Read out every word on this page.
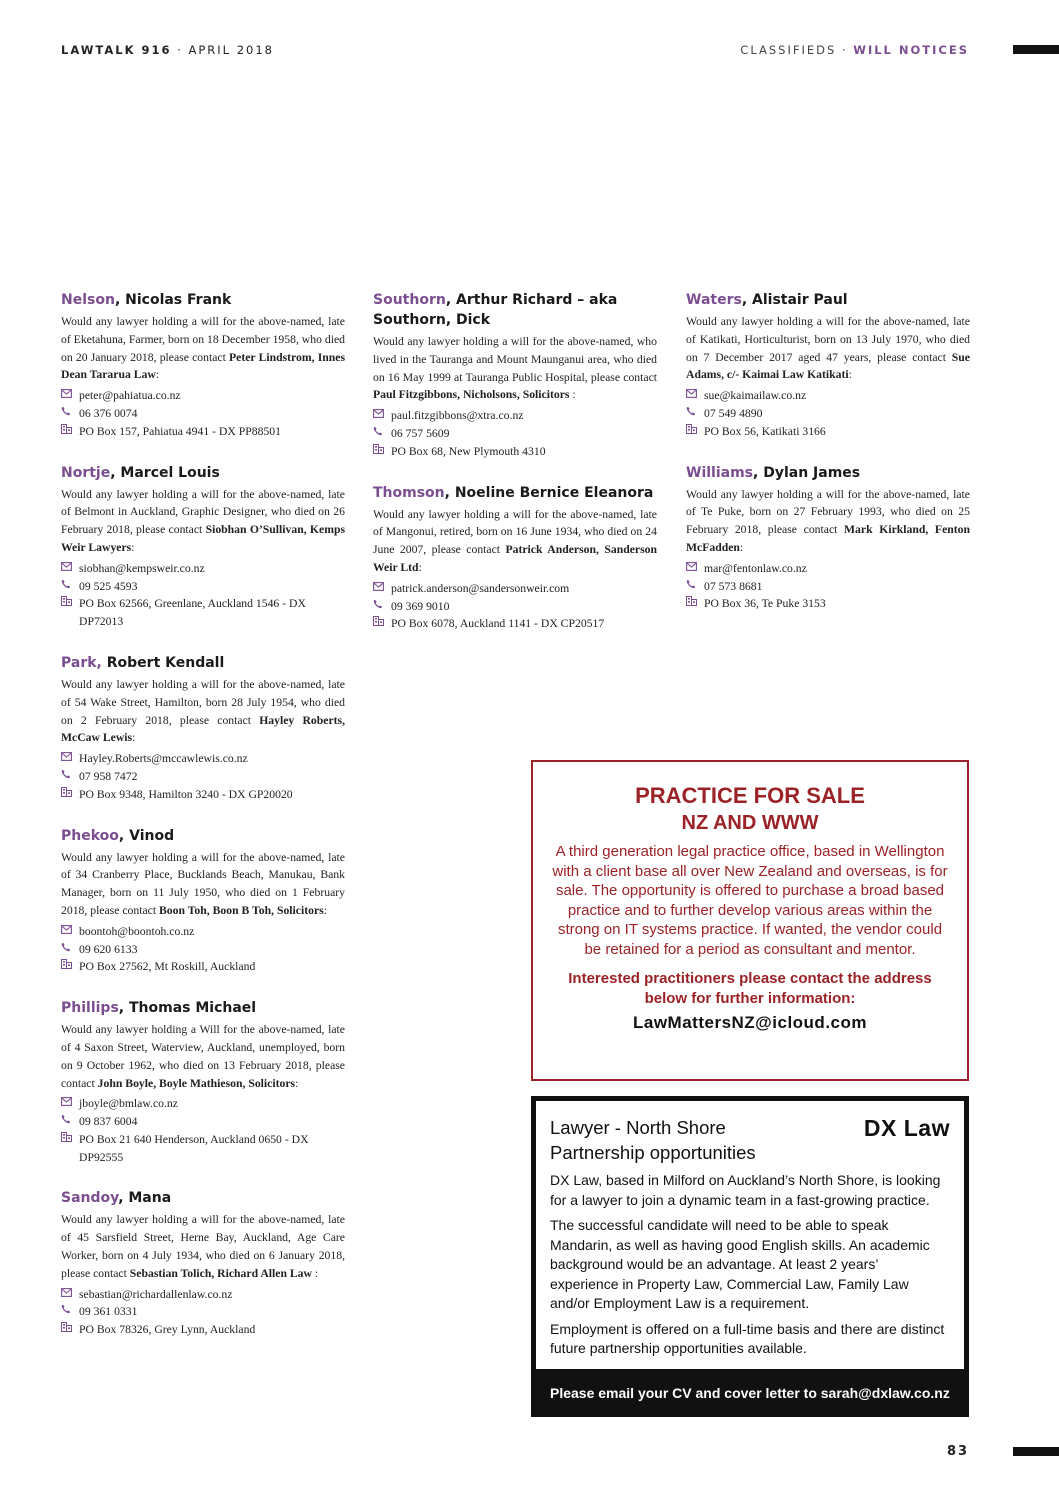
LAWTALK 916 · APRIL 2018	CLASSIFIEDS · WILL NOTICES
Nelson, Nicolas Frank

Would any lawyer holding a will for the above-named, late of Eketahuna, Farmer, born on 18 December 1958, who died on 20 January 2018, please contact Peter Lindstrom, Innes Dean Tararua Law:

peter@pahiatua.co.nz
06 376 0074
PO Box 157, Pahiatua 4941 - DX PP88501
Nortje, Marcel Louis

Would any lawyer holding a will for the above-named, late of Belmont in Auckland, Graphic Designer, who died on 26 February 2018, please contact Siobhan O’Sullivan, Kemps Weir Lawyers:

siobhan@kempsweir.co.nz
09 525 4593
PO Box 62566, Greenlane, Auckland 1546 - DX DP72013
Park, Robert Kendall

Would any lawyer holding a will for the above-named, late of 54 Wake Street, Hamilton, born 28 July 1954, who died on 2 February 2018, please contact Hayley Roberts, McCaw Lewis:

Hayley.Roberts@mccawlewis.co.nz
07 958 7472
PO Box 9348, Hamilton 3240 - DX GP20020
Phekoo, Vinod

Would any lawyer holding a will for the above-named, late of 34 Cranberry Place, Bucklands Beach, Manukau, Bank Manager, born on 11 July 1950, who died on 1 February 2018, please contact Boon Toh, Boon B Toh, Solicitors:

boontoh@boontoh.co.nz
09 620 6133
PO Box 27562, Mt Roskill, Auckland
Phillips, Thomas Michael

Would any lawyer holding a Will for the above-named, late of 4 Saxon Street, Waterview, Auckland, unemployed, born on 9 October 1962, who died on 13 February 2018, please contact John Boyle, Boyle Mathieson, Solicitors:

jboyle@bmlaw.co.nz
09 837 6004
PO Box 21 640 Henderson, Auckland 0650 - DX DP92555
Sandoy, Mana

Would any lawyer holding a will for the above-named, late of 45 Sarsfield Street, Herne Bay, Auckland, Age Care Worker, born on 4 July 1934, who died on 6 January 2018, please contact Sebastian Tolich, Richard Allen Law :

sebastian@richardallenlaw.co.nz
09 361 0331
PO Box 78326, Grey Lynn, Auckland
Southorn, Arthur Richard – aka Southorn, Dick

Would any lawyer holding a will for the above-named, who lived in the Tauranga and Mount Maunganui area, who died on 16 May 1999 at Tauranga Public Hospital, please contact Paul Fitzgibbons, Nicholsons, Solicitors :

paul.fitzgibbons@xtra.co.nz
06 757 5609
PO Box 68, New Plymouth 4310
Thomson, Noeline Bernice Eleanora

Would any lawyer holding a will for the above-named, late of Mangonui, retired, born on 16 June 1934, who died on 24 June 2007, please contact Patrick Anderson, Sanderson Weir Ltd:

patrick.anderson@sandersonweir.com
09 369 9010
PO Box 6078, Auckland 1141 - DX CP20517
Waters, Alistair Paul

Would any lawyer holding a will for the above-named, late of Katikati, Horticulturist, born on 13 July 1970, who died on 7 December 2017 aged 47 years, please contact Sue Adams, c/- Kaimai Law Katikati:

sue@kaimailaw.co.nz
07 549 4890
PO Box 56, Katikati 3166
Williams, Dylan James

Would any lawyer holding a will for the above-named, late of Te Puke, born on 27 February 1993, who died on 25 February 2018, please contact Mark Kirkland, Fenton McFadden:

mar@fentonlaw.co.nz
07 573 8681
PO Box 36, Te Puke 3153
PRACTICE FOR SALE
NZ AND WWW
A third generation legal practice office, based in Wellington with a client base all over New Zealand and overseas, is for sale. The opportunity is offered to purchase a broad based practice and to further develop various areas within the strong on IT systems practice. If wanted, the vendor could be retained for a period as consultant and mentor.
Interested practitioners please contact the address below for further information:
LawMattersNZ@icloud.com
Lawyer - North Shore
Partnership opportunities
DX Law
DX Law, based in Milford on Auckland’s North Shore, is looking for a lawyer to join a dynamic team in a fast-growing practice.
The successful candidate will need to be able to speak Mandarin, as well as having good English skills. An academic background would be an advantage. At least 2 years’ experience in Property Law, Commercial Law, Family Law and/or Employment Law is a requirement.
Employment is offered on a full-time basis and there are distinct future partnership opportunities available.
Please email your CV and cover letter to sarah@dxlaw.co.nz
83
